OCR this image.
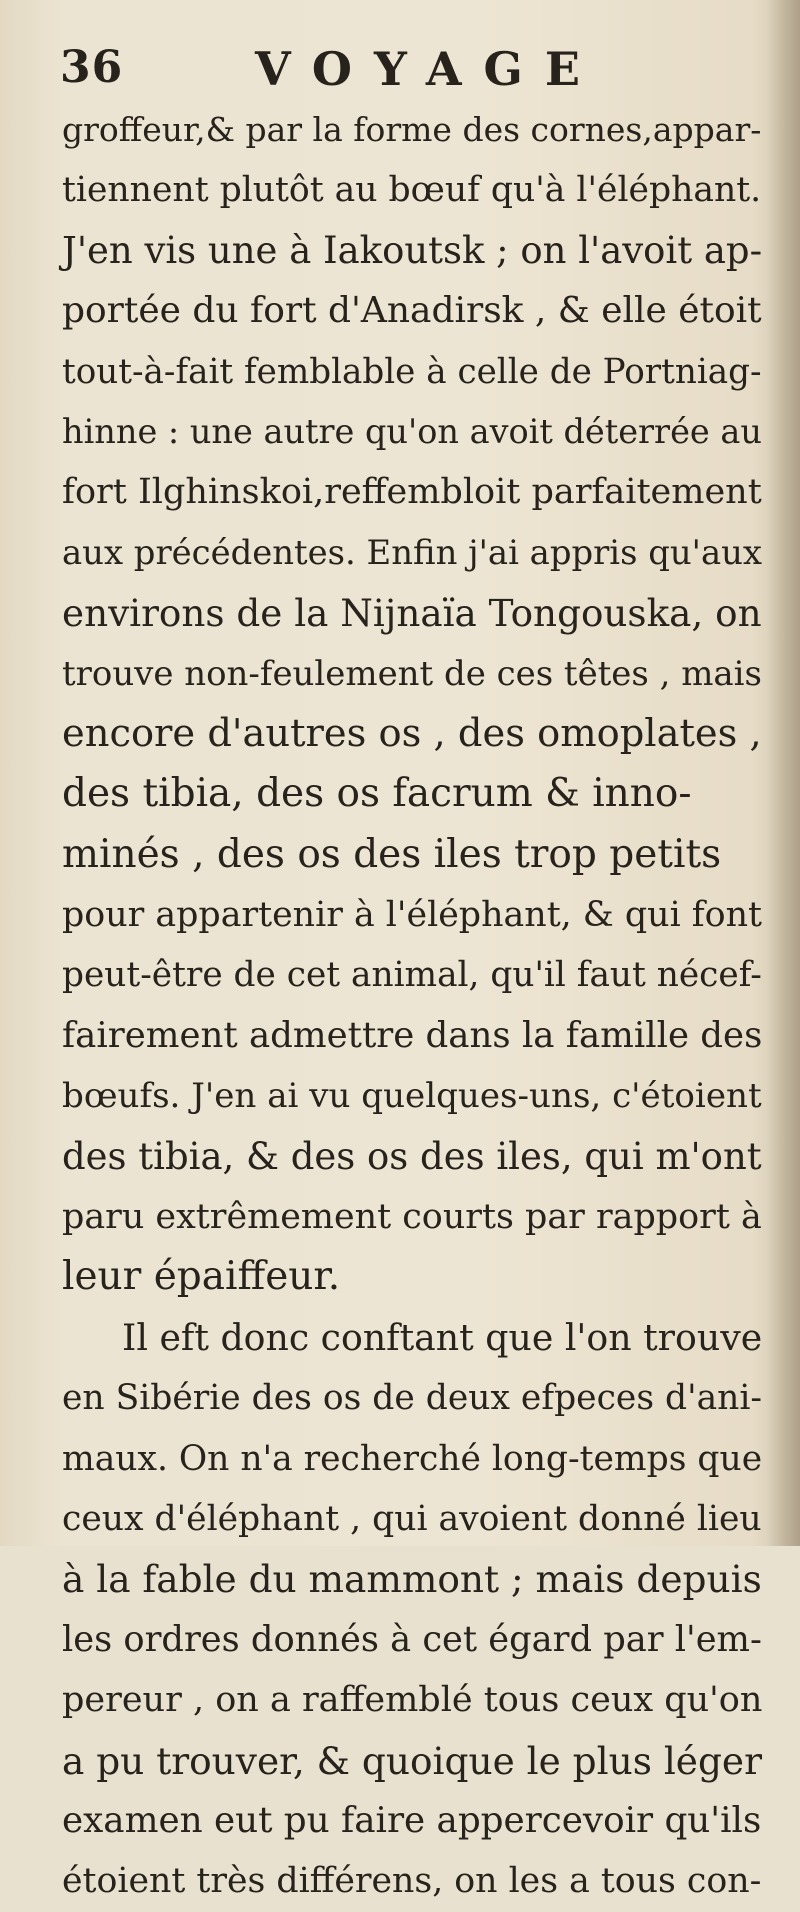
36	VOYAGE
groffeur,& par la forme des cornes,appar-
tiennent plutôt au bœuf qu'à l'éléphant.
J'en vis une à Iakoutsk ; on l'avoit ap-
portée du fort d'Anadirsk , & elle étoit
tout-à-fait femblable à celle de Portniag-
hinne : une autre qu'on avoit déterrée au
fort Ilghinskoi,reffembloit parfaitement
aux précédentes. Enfin j'ai appris qu'aux
environs de la Nijnaïa Tongouska, on
trouve non-feulement de ces têtes , mais
encore d'autres os , des omoplates ,
des tibia, des os facrum & inno-
minés , des os des iles trop petits
pour appartenir à l'éléphant, & qui font
peut-être de cet animal, qu'il faut nécef-
fairement admettre dans la famille des
bœufs. J'en ai vu quelques-uns, c'étoient
des tibia, & des os des iles, qui m'ont
paru extrêmement courts par rapport à
leur épaiffeur.
Il eft donc conftant que l'on trouve
en Sibérie des os de deux efpeces d'ani-
maux. On n'a recherché long-temps que
ceux d'éléphant , qui avoient donné lieu
à la fable du mammont ; mais depuis
les ordres donnés à cet égard par l'em-
pereur , on a raffemblé tous ceux qu'on
a pu trouver, & quoique le plus léger
examen eut pu faire appercevoir qu'ils
étoient très différens, on les a tous con-
